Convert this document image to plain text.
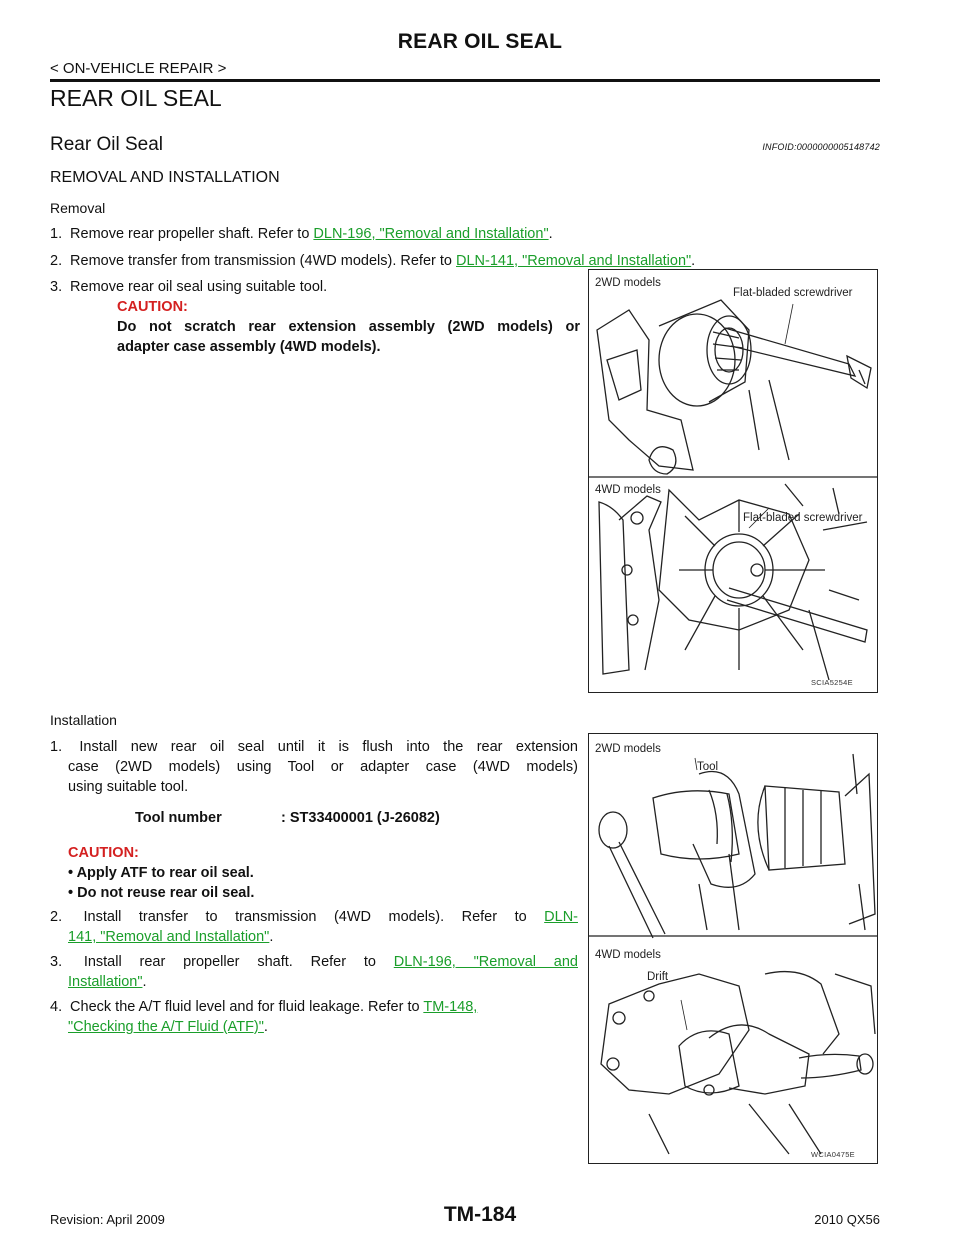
REAR OIL SEAL
< ON-VEHICLE REPAIR >
REAR OIL SEAL
Rear Oil Seal	INFOID:0000000005148742
REMOVAL AND INSTALLATION
Removal
1. Remove rear propeller shaft. Refer to DLN-196, "Removal and Installation".
2. Remove transfer from transmission (4WD models). Refer to DLN-141, "Removal and Installation".
3. Remove rear oil seal using suitable tool.
CAUTION:
Do not scratch rear extension assembly (2WD models) or
adapter case assembly (4WD models).
2WD models
Flat-bladed screwdriver
4WD models
Flat-bladed screwdriver
SCIA5254E
Installation
1. Install new rear oil seal until it is flush into the rear extension
case (2WD models) using Tool or adapter case (4WD models)
using suitable tool.
Tool number	: ST33400001 (J-26082)
CAUTION:
• Apply ATF to rear oil seal.
• Do not reuse rear oil seal.
2. Install transfer to transmission (4WD models). Refer to DLN-
141, "Removal and Installation".
3. Install rear propeller shaft. Refer to DLN-196, "Removal and
Installation".
4. Check the A/T fluid level and for fluid leakage. Refer to TM-148,
"Checking the A/T Fluid (ATF)".
2WD models
Tool
4WD models
Drift
WCIA0475E
Revision: April 2009	TM-184	2010 QX56
